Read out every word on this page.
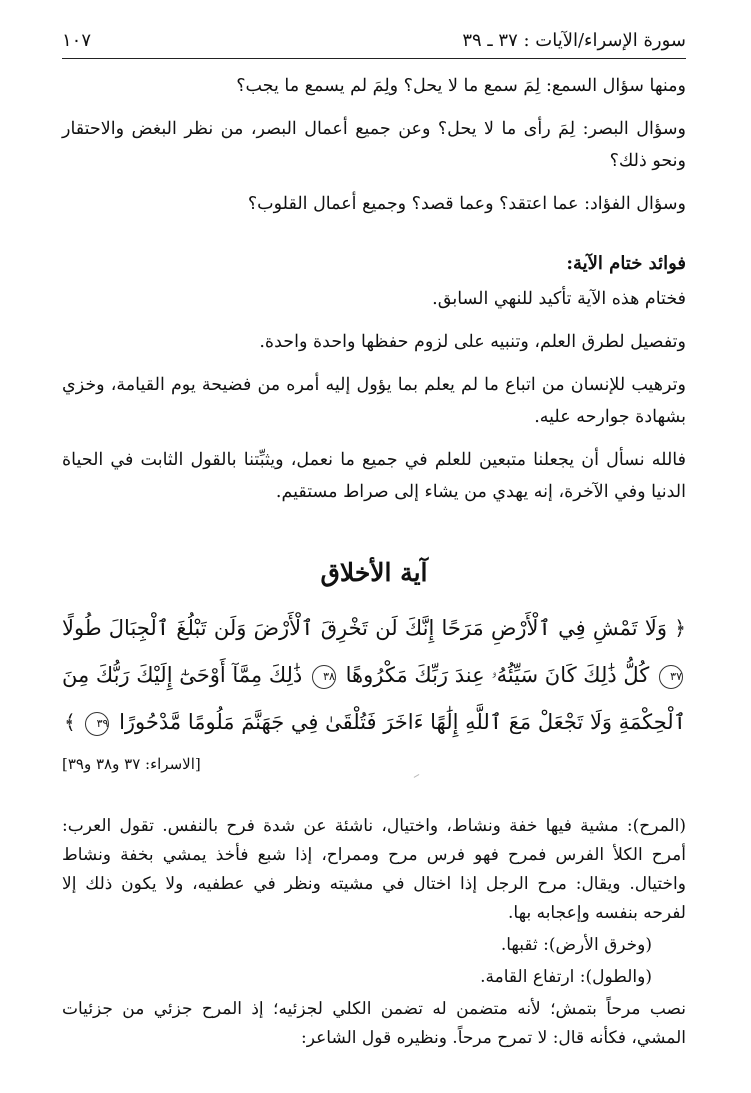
سورة الإسراء/الآيات : ٣٧ ـ ٣٩
١٠٧

ومنها سؤال السمع: لِمَ سمع ما لا يحل؟ ولِمَ لم يسمع ما يجب؟

وسؤال البصر: لِمَ رأى ما لا يحل؟ وعن جميع أعمال البصر، من نظر البغض والاحتقار ونحو ذلك؟

وسؤال الفؤاد: عما اعتقد؟ وعما قصد؟ وجميع أعمال القلوب؟

فوائد ختام الآية:

فختام هذه الآية تأكيد للنهي السابق.

وتفصيل لطرق العلم، وتنبيه على لزوم حفظها واحدة واحدة.

وترهيب للإنسان من اتباع ما لم يعلم بما يؤول إليه أمره من فضيحة يوم القيامة، وخزي بشهادة جوارحه عليه.

فالله نسأل أن يجعلنا متبعين للعلم في جميع ما نعمل، ويثبِّتنا بالقول الثابت في الحياة الدنيا وفي الآخرة، إنه يهدي من يشاء إلى صراط مستقيم.

آية الأخلاق

﴿ وَلَا تَمْشِ فِي ٱلْأَرْضِ مَرَحًا إِنَّكَ لَن تَخْرِقَ ٱلْأَرْضَ وَلَن تَبْلُغَ ٱلْجِبَالَ طُولًا ٣٧ كُلُّ ذَٰلِكَ كَانَ سَيِّئُهُۥ عِندَ رَبِّكَ مَكْرُوهًا ٣٨ ذَٰلِكَ مِمَّآ أَوْحَىٰٓ إِلَيْكَ رَبُّكَ مِنَ ٱلْحِكْمَةِ وَلَا تَجْعَلْ مَعَ ٱللَّهِ إِلَٰهًا ءَاخَرَ فَتُلْقَىٰ فِي جَهَنَّمَ مَلُومًا مَّدْحُورًا ٣٩ ﴾

[الاسراء: ٣٧ و٣٨ و٣٩]

(المرح): مشية فيها خفة ونشاط، واختيال، ناشئة عن شدة فرح بالنفس. تقول العرب: أمرح الكلأ الفرس فمرح فهو فرس مرح وممراح، إذا شبع فأخذ يمشي بخفة ونشاط واختيال. ويقال: مرح الرجل إذا اختال في مشيته ونظر في عطفيه، ولا يكون ذلك إلا لفرحه بنفسه وإعجابه بها.

(وخرق الأرض): ثقبها.

(والطول): ارتفاع القامة.

نصب مرحاً بتمش؛ لأنه متضمن له تضمن الكلي لجزئيه؛ إذ المرح جزئي من جزئيات المشي، فكأنه قال: لا تمرح مرحاً. ونظيره قول الشاعر:
